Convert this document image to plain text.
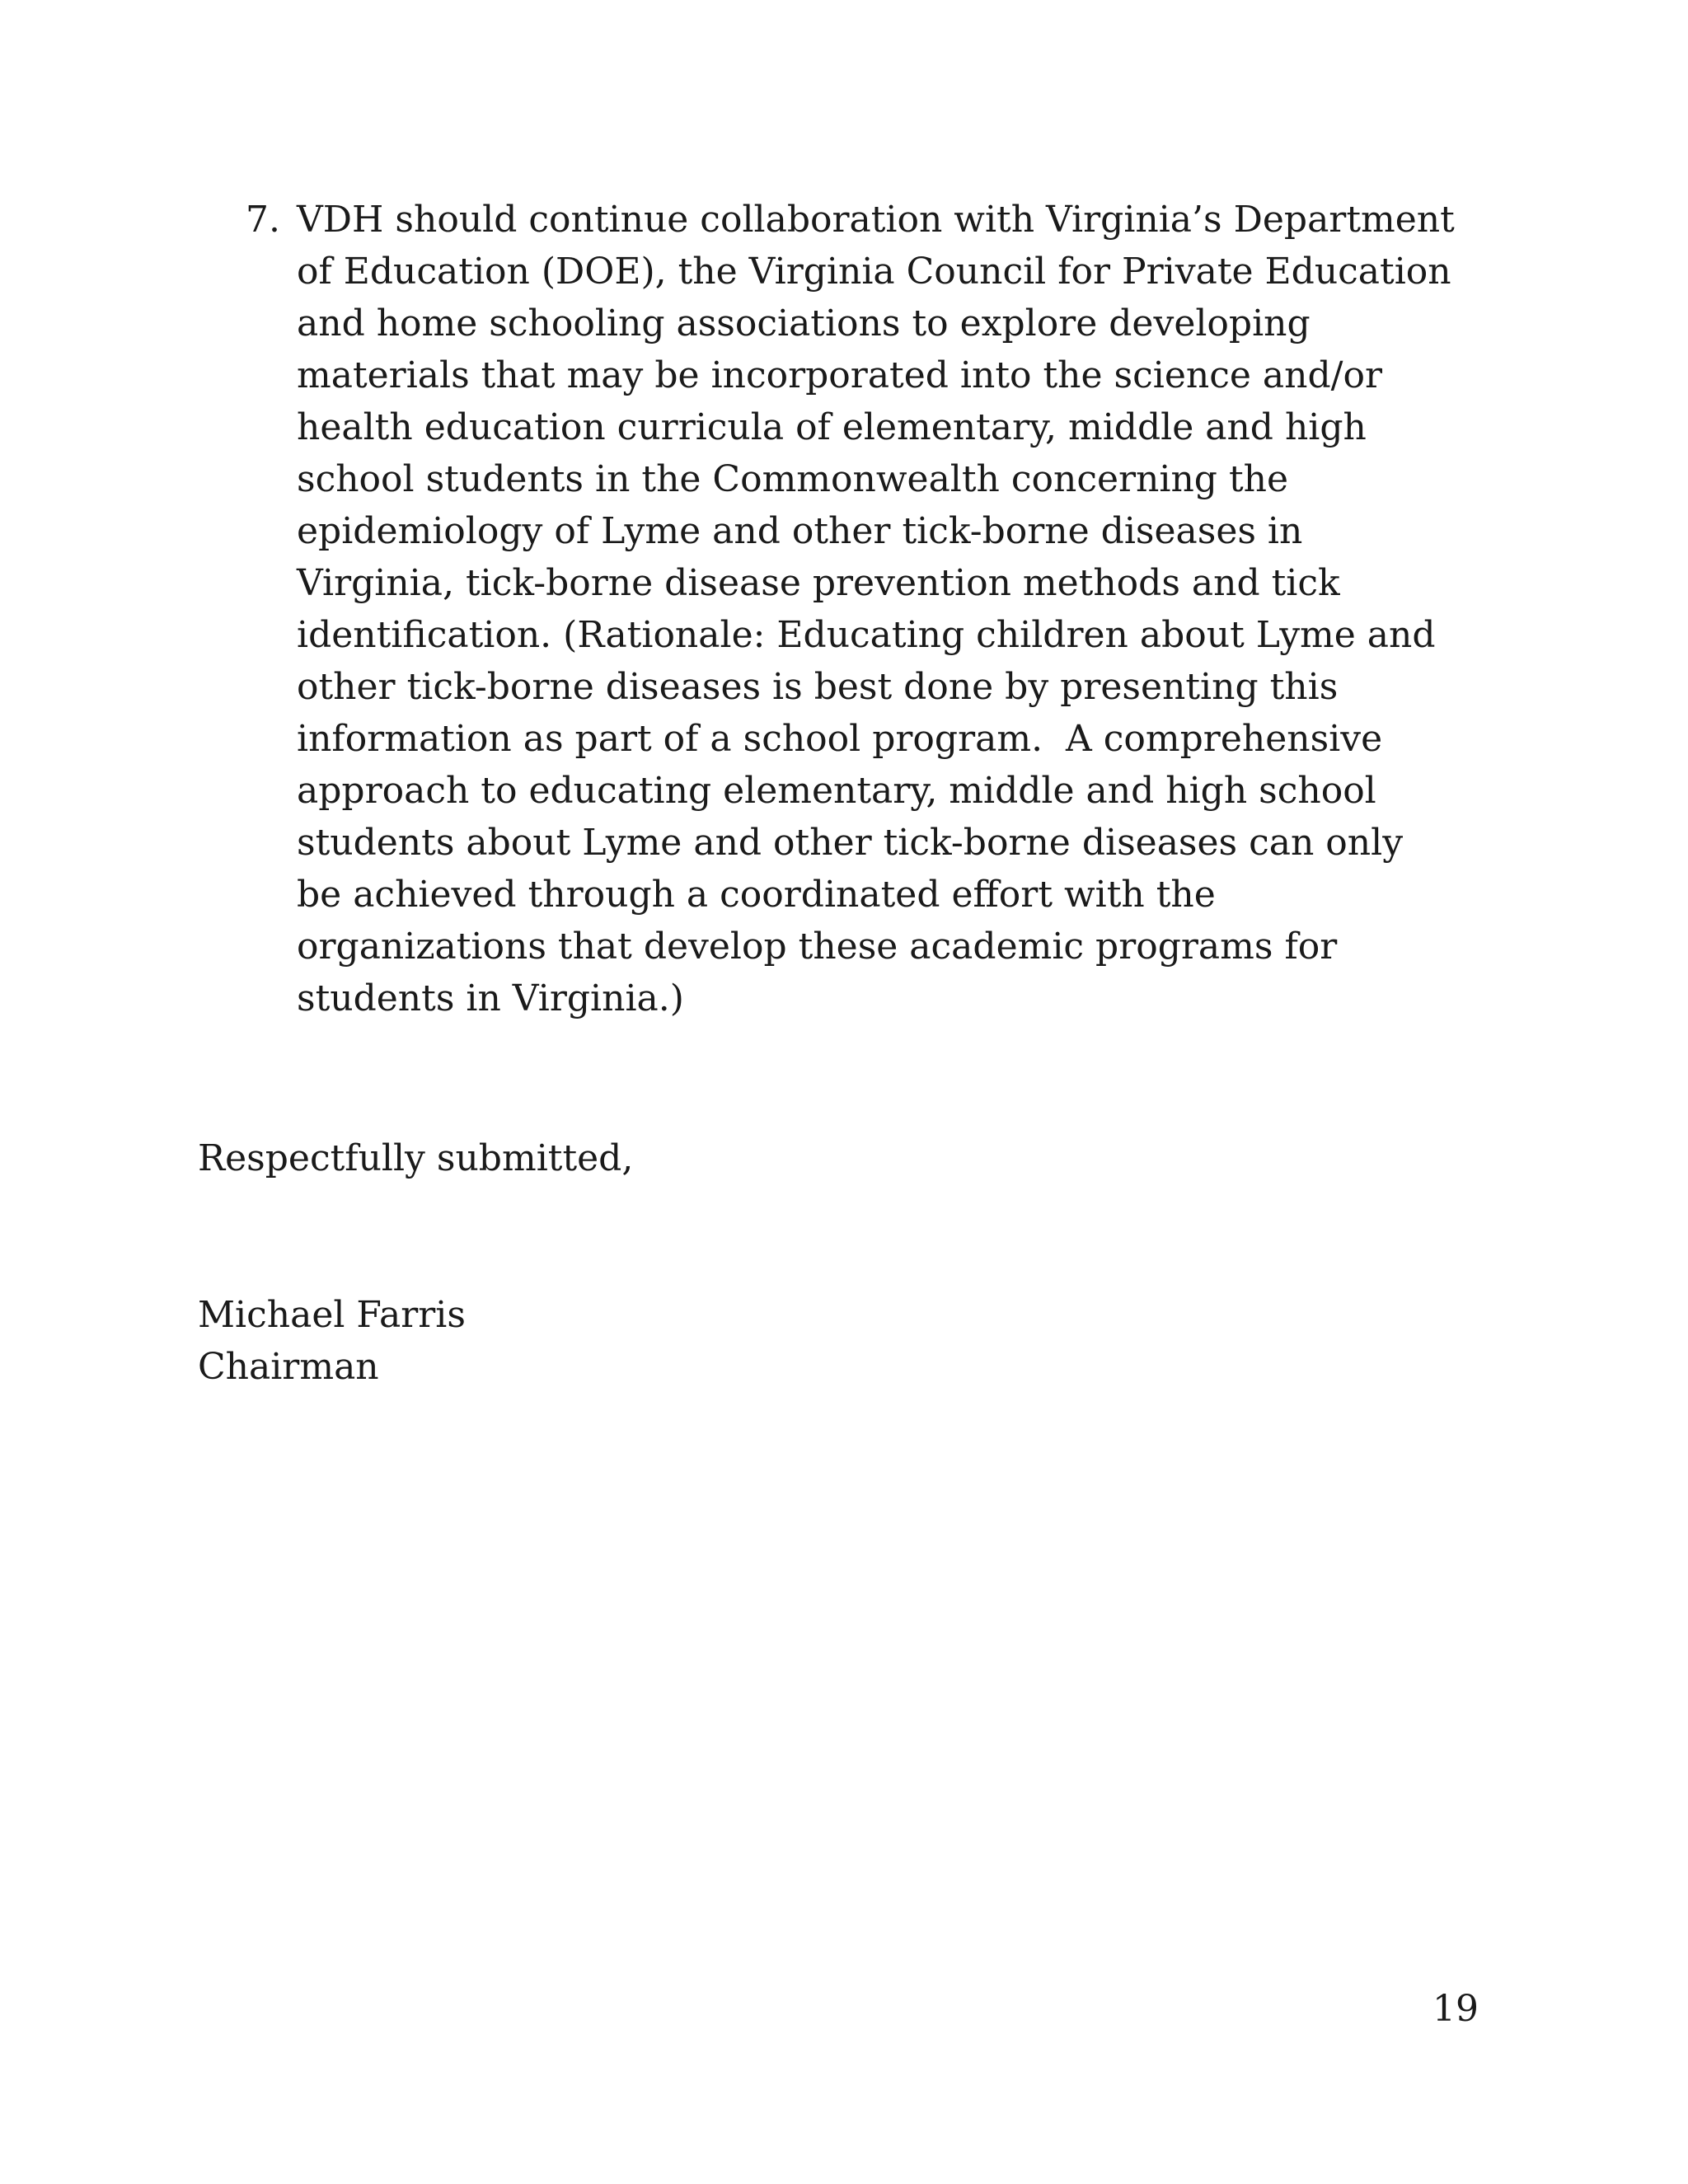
7. VDH should continue collaboration with Virginia’s Department
of Education (DOE), the Virginia Council for Private Education
and home schooling associations to explore developing
materials that may be incorporated into the science and/or
health education curricula of elementary, middle and high
school students in the Commonwealth concerning the
epidemiology of Lyme and other tick-borne diseases in
Virginia, tick-borne disease prevention methods and tick
identification. (Rationale: Educating children about Lyme and
other tick-borne diseases is best done by presenting this
information as part of a school program.  A comprehensive
approach to educating elementary, middle and high school
students about Lyme and other tick-borne diseases can only
be achieved through a coordinated effort with the
organizations that develop these academic programs for
students in Virginia.)
Respectfully submitted,
Michael Farris
Chairman
19
